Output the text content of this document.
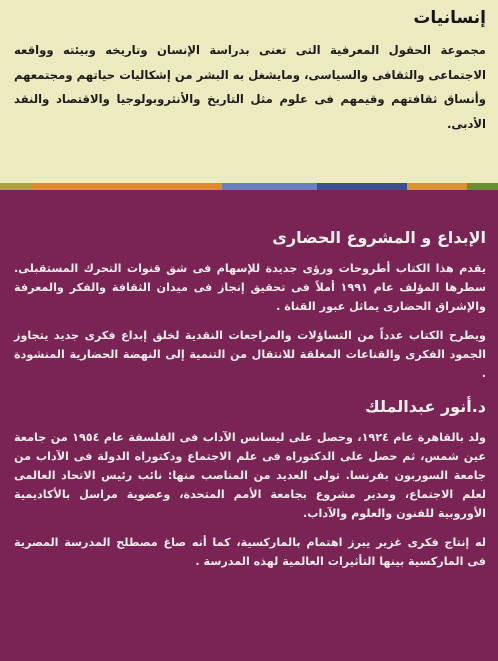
إنسانيات

مجموعة الحقول المعرفية التى تعنى بدراسة الإنسان وتاريخه وبيئته وواقعه الاجتماعى والثقافى والسياسى، ومايشغل به البشر من إشكاليات حياتهم ومجتمعهم وأنساق ثقافتهم وقيمهم فى علوم مثل التاريخ والأنثروبولوجيا والاقتصاد والنقد الأدبى.

الإبداع و المشروع الحضارى

يقدم هذا الكتاب أطروحات ورؤى جديدة للإسهام فى شق قنوات التحرك المستقبلى. سطرها المؤلف عام ١٩٩١ أملاً فى تحقيق إنجاز فى ميدان الثقافة والفكر والمعرفة والإشراق الحضارى يماثل عبور القناة .

ويطرح الكتاب عدداً من التساؤلات والمراجعات النقدية لخلق إبداع فكرى جديد يتجاوز الجمود الفكرى والقناعات المغلقة للانتقال من التنمية إلى النهضة الحضارية المنشودة .

د.أنور عبدالملك

ولد بالقاهرة عام ١٩٢٤، وحصل على ليسانس الآداب فى الفلسفة عام ١٩٥٤ من جامعة عين شمس، ثم حصل على الدكتوراه فى علم الاجتماع ودكتوراه الدولة فى الآداب من جامعة السوربون بفرنسا. تولى العديد من المناصب منها: نائب رئيس الاتحاد العالمى لعلم الاجتماع، ومدير مشروع بجامعة الأمم المتحدة، وعضوية مراسل بالأكاديمية الأوروبية للفنون والعلوم والآداب.

له إنتاج فكرى غزير يبرز اهتمام بالماركسية، كما أنه صاغ مصطلح المدرسة المصرية فى الماركسية بينها التأثيرات العالمية لهذه المدرسة .
